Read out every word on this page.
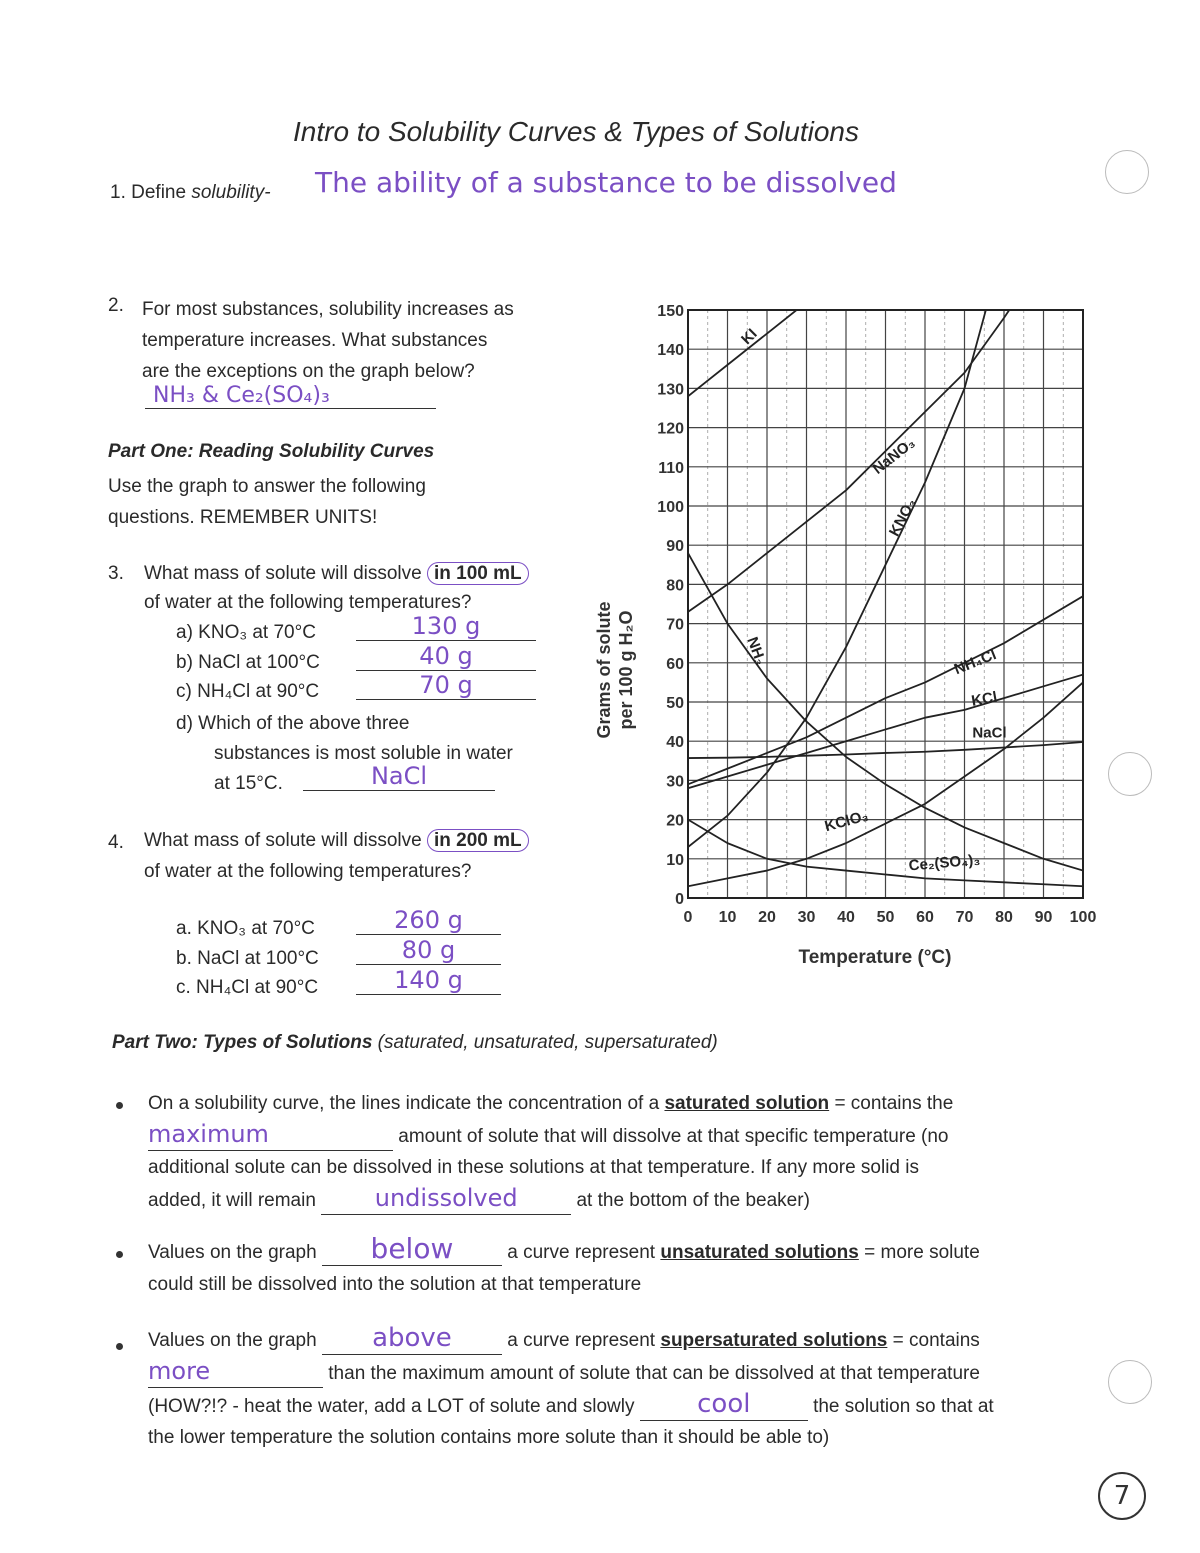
Intro to Solubility Curves & Types of Solutions
1. Define solubility- The ability of a substance to be dissolved
2. For most substances, solubility increases as
temperature increases. What substances
are the exceptions on the graph below?
NH₃ & Ce₂(SO₄)₃
Part One: Reading Solubility Curves
Use the graph to answer the following
questions. REMEMBER UNITS!
3. What mass of solute will dissolve in 100 mL
of water at the following temperatures?
a) KNO₃ at 70°C	130 g
b) NaCl at 100°C	40 g
c) NH₄Cl at 90°C	70 g
d) Which of the above three
substances is most soluble in water
at 15°C.	NaCl
4. What mass of solute will dissolve in 200 mL
of water at the following temperatures?
a. KNO₃ at 70°C	260 g
b. NaCl at 100°C	80 g
c. NH₄Cl at 90°C	140 g
0 10 20 30 40 50 60 70 80 90 100
0
10
20
30
40
50
60
70
80
90
100
110
120
130
140
150
KI
NaNO₃
KNO₃
NH₃	NH₄Cl
KCl
NaCl
KClO₃
Ce₂(SO₄)₃
Temperature (°C)
Grams of solute per 100 g H₂O
Part Two: Types of Solutions (saturated, unsaturated, supersaturated)
On a solubility curve, the lines indicate the concentration of a saturated solution = contains the
maximum	amount of solute that will dissolve at that specific temperature (no
additional solute can be dissolved in these solutions at that temperature. If any more solid is
added, it will remain undissolved	at the bottom of the beaker)
Values on the graph below	a curve represent unsaturated solutions = more solute
could still be dissolved into the solution at that temperature
Values on the graph above	a curve represent supersaturated solutions = contains
more	than the maximum amount of solute that can be dissolved at that temperature
(HOW?!? - heat the water, add a LOT of solute and slowly cool	the solution so that at
the lower temperature the solution contains more solute than it should be able to)
7
